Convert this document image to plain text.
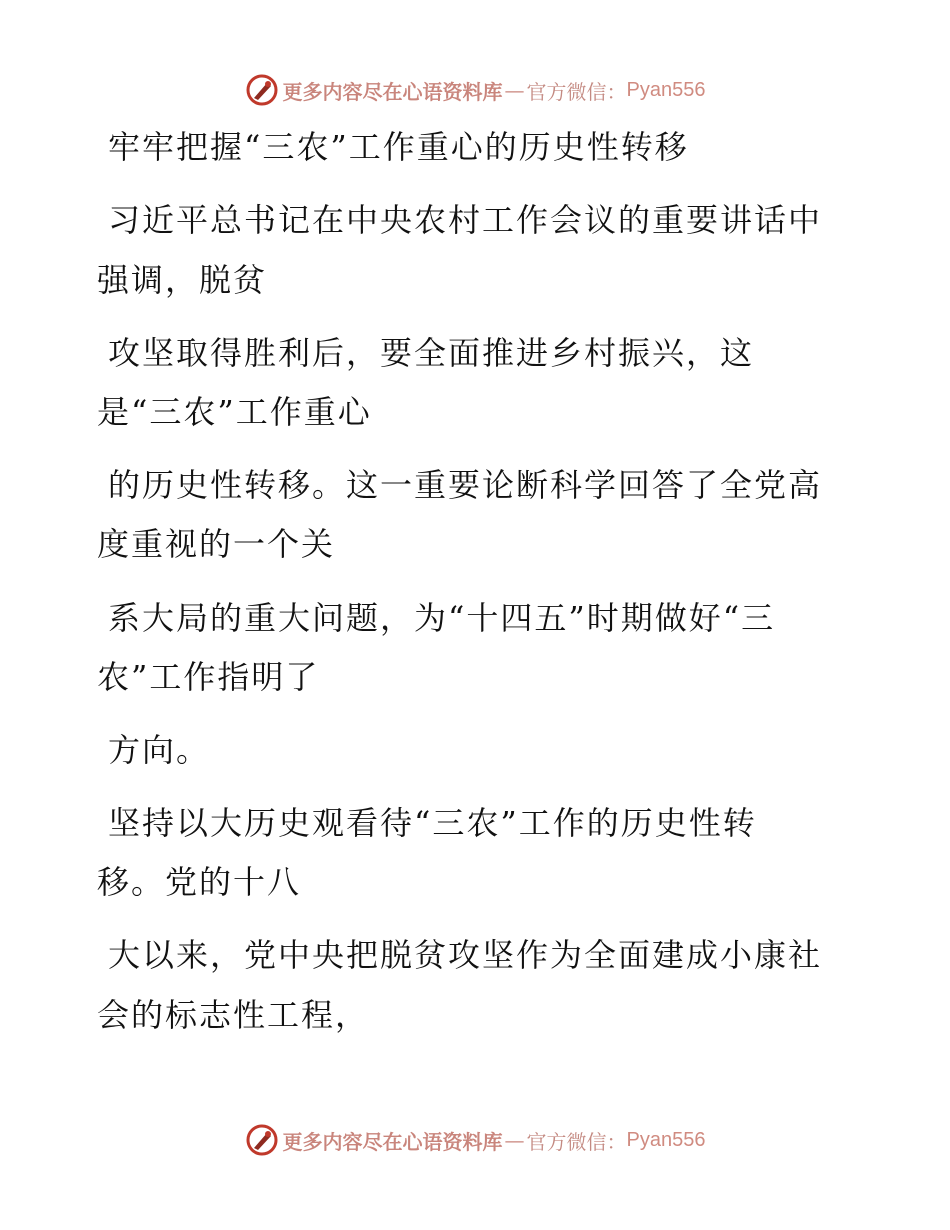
更多内容尽在心语资料库 — 官方微信： Pyan556
牢牢把握“三农”工作重心的历史性转移
习近平总书记在中央农村工作会议的重要讲话中
强调，脱贫
攻坚取得胜利后，要全面推进乡村振兴，这
是“三农”工作重心
的历史性转移。这一重要论断科学回答了全党高
度重视的一个关
系大局的重大问题，为“十四五”时期做好“三
农”工作指明了
方向。
坚持以大历史观看待“三农”工作的历史性转
移。党的十八
大以来，党中央把脱贫攻坚作为全面建成小康社
会的标志性工程，
更多内容尽在心语资料库 — 官方微信： Pyan556
